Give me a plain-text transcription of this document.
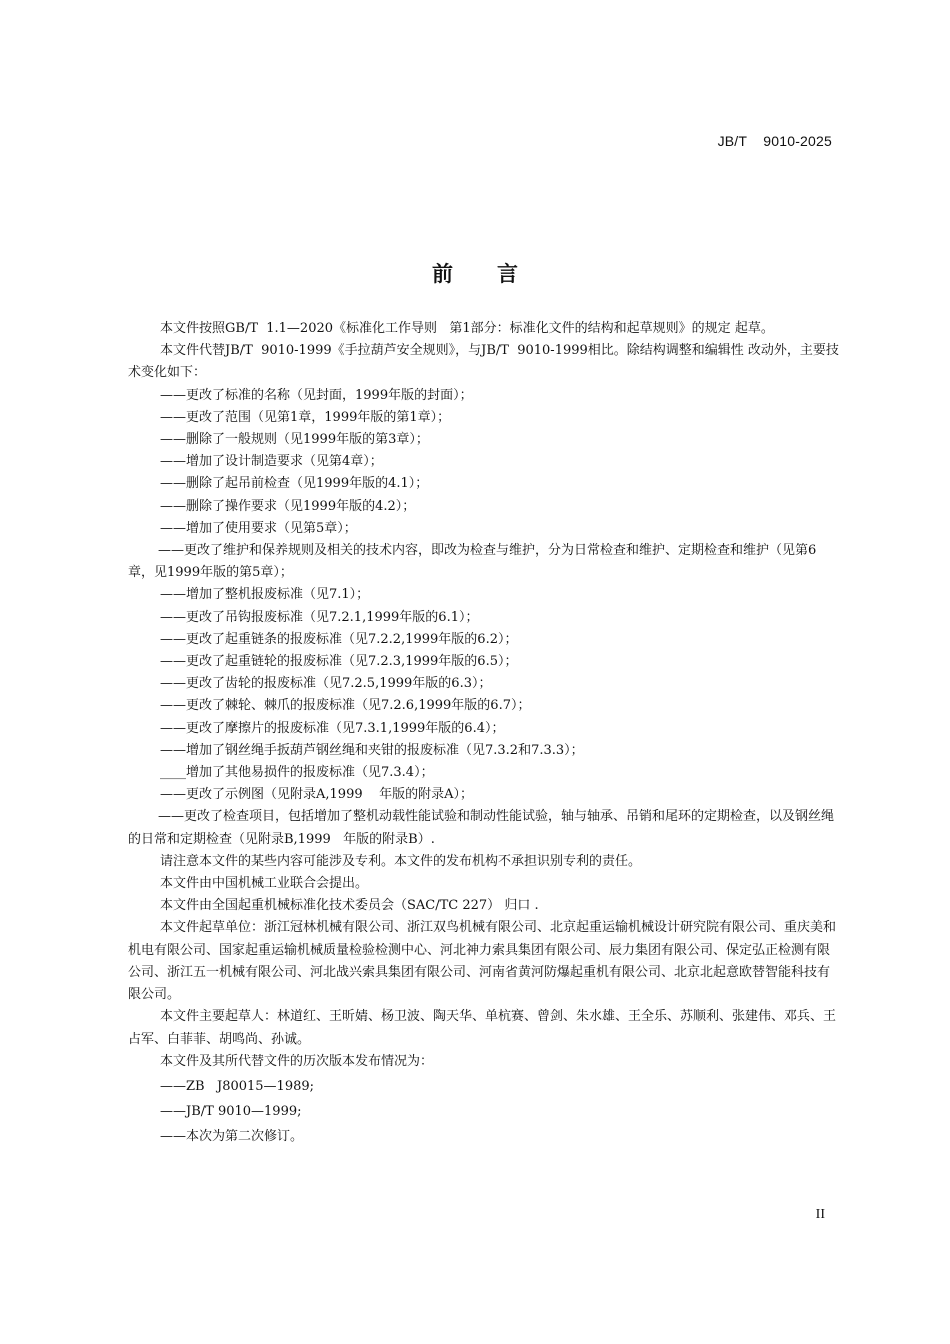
JB/T    9010-2025
前言

本文件按照GB/T  1.1—2020《标准化工作导则   第1部分：标准化文件的结构和起草规则》的规定 起草。

本文件代替JB/T  9010-1999《手拉葫芦安全规则》，与JB/T  9010-1999相比。除结构调整和编辑性 改动外，主要技术变化如下：

——更改了标准的名称（见封面，1999年版的封面）；

——更改了范围（见第1章，1999年版的第1章）；

——删除了一般规则（见1999年版的第3章）；

——增加了设计制造要求（见第4章）；

——删除了起吊前检查（见1999年版的4.1）；

——删除了操作要求（见1999年版的4.2）；

——增加了使用要求（见第5章）；

——更改了维护和保养规则及相关的技术内容，即改为检查与维护，分为日常检查和维护、定期检查和维护（见第6章，见1999年版的第5章）；

——增加了整机报废标准（见7.1）；

——更改了吊钩报废标准（见7.2.1,1999年版的6.1）；

——更改了起重链条的报废标准（见7.2.2,1999年版的6.2）；

——更改了起重链轮的报废标准（见7.2.3,1999年版的6.5）；

——更改了齿轮的报废标准（见7.2.5,1999年版的6.3）；

——更改了棘轮、棘爪的报废标准（见7.2.6,1999年版的6.7）；

——更改了摩擦片的报废标准（见7.3.1,1999年版的6.4）；

——增加了钢丝绳手扳葫芦钢丝绳和夹钳的报废标准（见7.3.2和7.3.3）；

____增加了其他易损件的报废标准（见7.3.4）；

——更改了示例图（见附录A,1999    年版的附录A）；

——更改了检查项目，包括增加了整机动载性能试验和制动性能试验，轴与轴承、吊销和尾环的定期检查，以及钢丝绳的日常和定期检查（见附录B,1999   年版的附录B）.

请注意本文件的某些内容可能涉及专利。本文件的发布机构不承担识别专利的责任。

本文件由中国机械工业联合会提出。

本文件由全国起重机械标准化技术委员会（SAC/TC 227） 归口 .

本文件起草单位：浙江冠林机械有限公司、浙江双鸟机械有限公司、北京起重运输机械设计研究院有限公司、重庆美和机电有限公司、国家起重运输机械质量检验检测中心、河北神力索具集团有限公司、辰力集团有限公司、保定弘正检测有限公司、浙江五一机械有限公司、河北战兴索具集团有限公司、河南省黄河防爆起重机有限公司、北京北起意欧替智能科技有限公司。

本文件主要起草人：林道红、王昕婧、杨卫波、陶天华、单杭赛、曾剑、朱水雄、王全乐、苏顺利、张建伟、邓兵、王占军、白菲菲、胡鸣尚、孙诚。

本文件及其所代替文件的历次版本发布情况为：

——ZB   J80015—1989;

——JB/T 9010—1999;

——本次为第二次修订。

II
